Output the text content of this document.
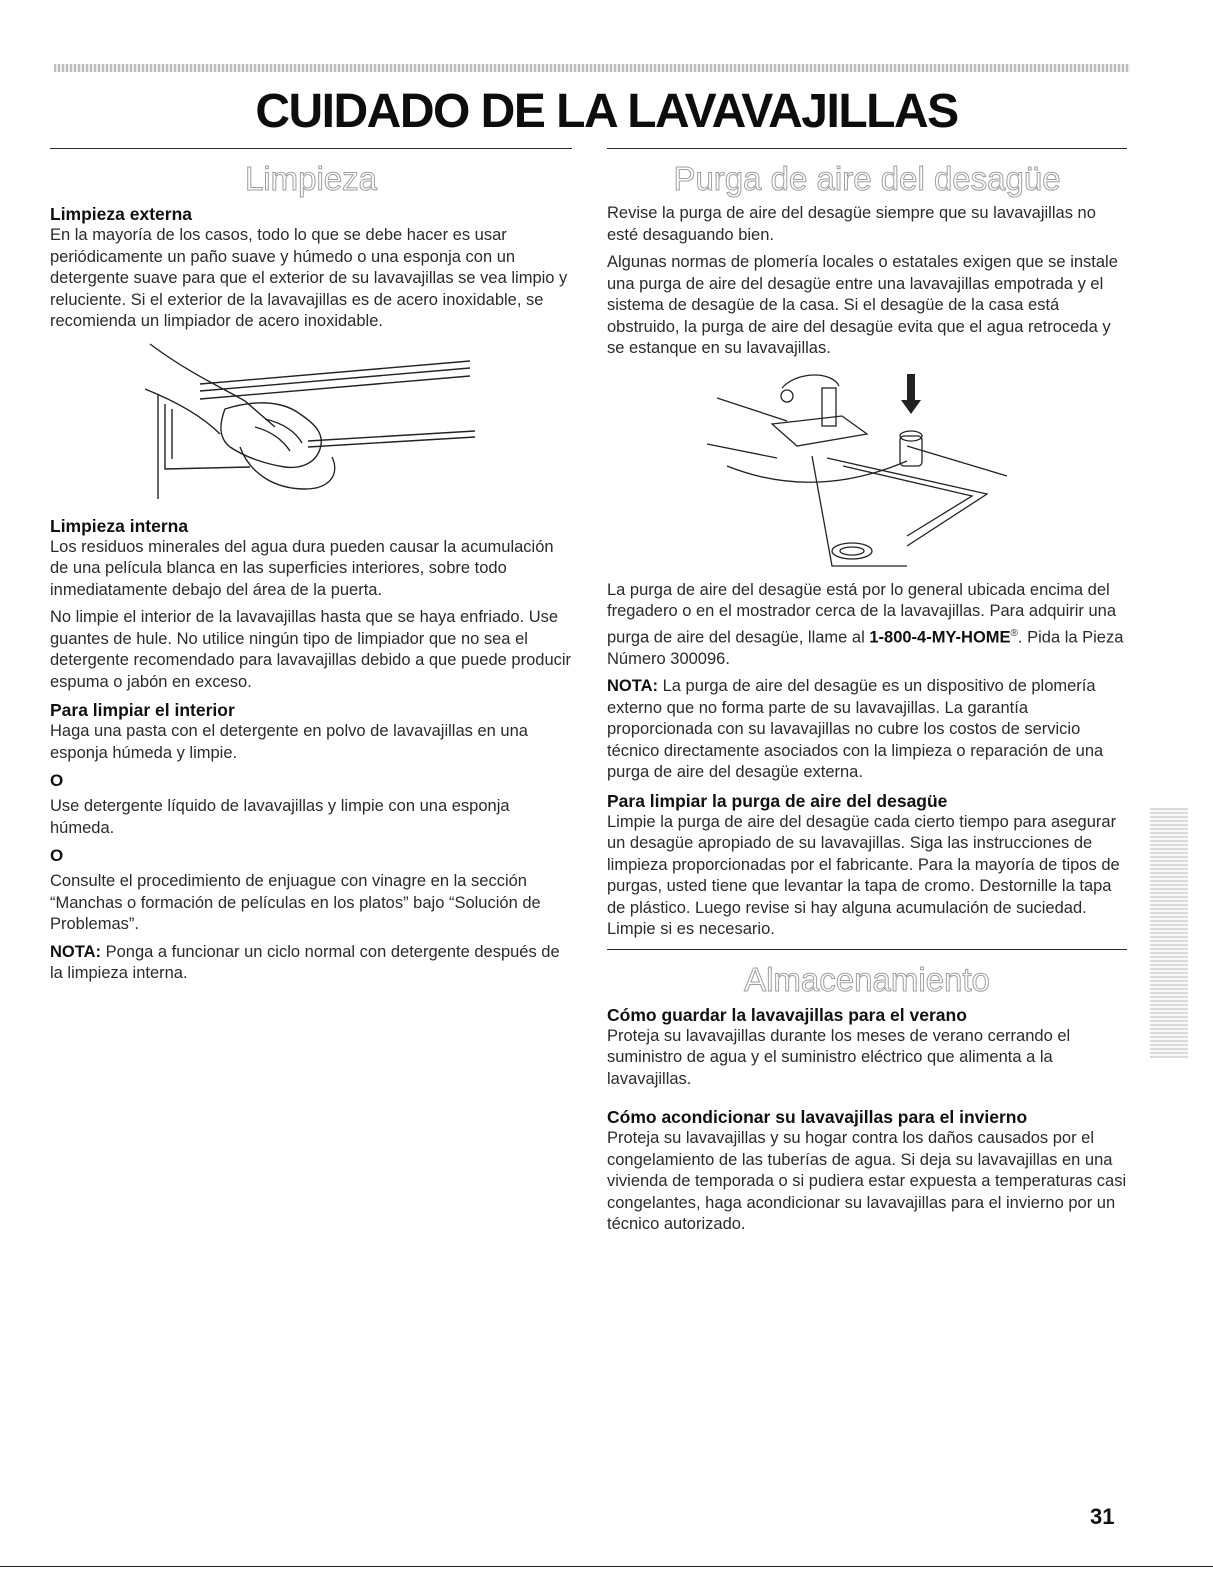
CUIDADO DE LA LAVAVAJILLAS
Limpieza
Limpieza externa

En la mayoría de los casos, todo lo que se debe hacer es usar periódicamente un paño suave y húmedo o una esponja con un detergente suave para que el exterior de su lavavajillas se vea limpio y reluciente. Si el exterior de la lavavajillas es de acero inoxidable, se recomienda un limpiador de acero inoxidable.

Limpieza interna

Los residuos minerales del agua dura pueden causar la acumulación de una película blanca en las superficies interiores, sobre todo inmediatamente debajo del área de la puerta.

No limpie el interior de la lavavajillas hasta que se haya enfriado. Use guantes de hule. No utilice ningún tipo de limpiador que no sea el detergente recomendado para lavavajillas debido a que puede producir espuma o jabón en exceso.

Para limpiar el interior

Haga una pasta con el detergente en polvo de lavavajillas en una esponja húmeda y limpie.

O

Use detergente líquido de lavavajillas y limpie con una esponja húmeda.

O

Consulte el procedimiento de enjuague con vinagre en la sección “Manchas o formación de películas en los platos” bajo “Solución de Problemas”.

NOTA: Ponga a funcionar un ciclo normal con detergente después de la limpieza interna.

Purga de aire del desagüe

Revise la purga de aire del desagüe siempre que su lavavajillas no esté desaguando bien.

Algunas normas de plomería locales o estatales exigen que se instale una purga de aire del desagüe entre una lavavajillas empotrada y el sistema de desagüe de la casa. Si el desagüe de la casa está obstruido, la purga de aire del desagüe evita que el agua retroceda y se estanque en su lavavajillas.

La purga de aire del desagüe está por lo general ubicada encima del fregadero o en el mostrador cerca de la lavavajillas. Para adquirir una purga de aire del desagüe, llame al 1-800-4-MY-HOME®. Pida la Pieza Número 300096.

NOTA: La purga de aire del desagüe es un dispositivo de plomería externo que no forma parte de su lavavajillas. La garantía proporcionada con su lavavajillas no cubre los costos de servicio técnico directamente asociados con la limpieza o reparación de una purga de aire del desagüe externa.

Para limpiar la purga de aire del desagüe

Limpie la purga de aire del desagüe cada cierto tiempo para asegurar un desagüe apropiado de su lavavajillas. Siga las instrucciones de limpieza proporcionadas por el fabricante. Para la mayoría de tipos de purgas, usted tiene que levantar la tapa de cromo. Destornille la tapa de plástico. Luego revise si hay alguna acumulación de suciedad. Limpie si es necesario.

Almacenamiento
Cómo guardar la lavavajillas para el verano

Proteja su lavavajillas durante los meses de verano cerrando el suministro de agua y el suministro eléctrico que alimenta a la lavavajillas.

Cómo acondicionar su lavavajillas para el invierno

Proteja su lavavajillas y su hogar contra los daños causados por el congelamiento de las tuberías de agua. Si deja su lavavajillas en una vivienda de temporada o si pudiera estar expuesta a temperaturas casi congelantes, haga acondicionar su lavavajillas para el invierno por un técnico autorizado.

31
